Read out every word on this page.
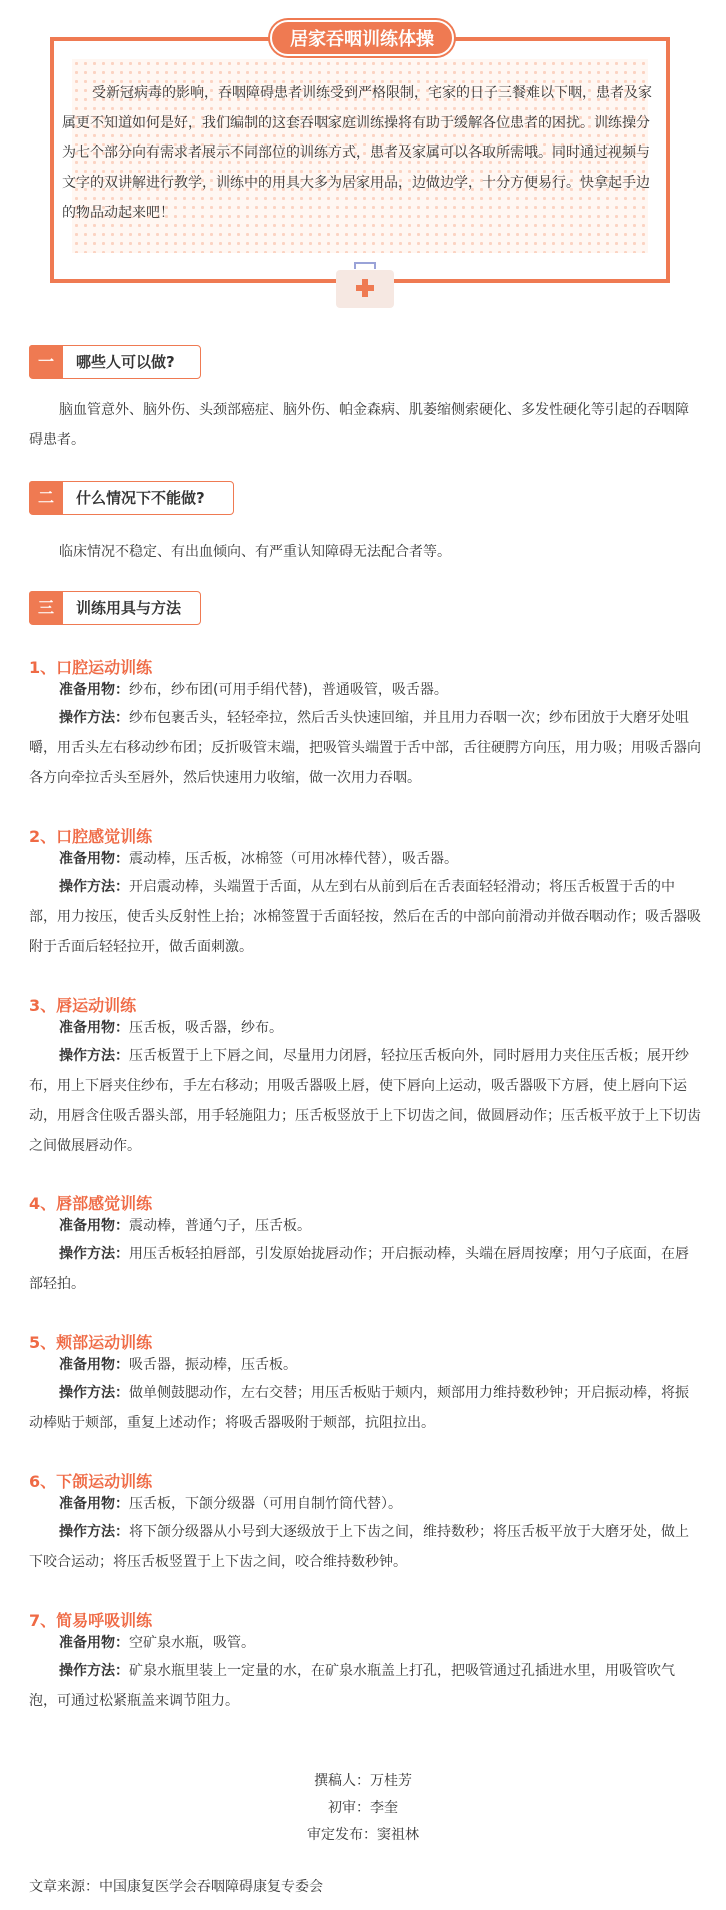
居家吞咽训练体操
受新冠病毒的影响，吞咽障碍患者训练受到严格限制，宅家的日子三餐难以下咽，患者及家属更不知道如何是好，我们编制的这套吞咽家庭训练操将有助于缓解各位患者的困扰。训练操分为七个部分向有需求者展示不同部位的训练方式，患者及家属可以各取所需哦。同时通过视频与文字的双讲解进行教学，训练中的用具大多为居家用品，边做边学，十分方便易行。快拿起手边的物品动起来吧！
一	哪些人可以做?
脑血管意外、脑外伤、头颈部癌症、脑外伤、帕金森病、肌萎缩侧索硬化、多发性硬化等引起的吞咽障碍患者。
二	什么情况下不能做?
临床情况不稳定、有出血倾向、有严重认知障碍无法配合者等。
三	训练用具与方法
1、口腔运动训练
准备用物：纱布，纱布团(可用手绢代替)，普通吸管，吸舌器。
操作方法：纱布包裹舌头，轻轻牵拉，然后舌头快速回缩，并且用力吞咽一次；纱布团放于大磨牙处咀嚼，用舌头左右移动纱布团；反折吸管末端，把吸管头端置于舌中部，舌往硬腭方向压，用力吸；用吸舌器向各方向牵拉舌头至唇外，然后快速用力收缩，做一次用力吞咽。
2、口腔感觉训练
准备用物：震动棒，压舌板，冰棉签（可用冰棒代替），吸舌器。
操作方法：开启震动棒，头端置于舌面，从左到右从前到后在舌表面轻轻滑动；将压舌板置于舌的中部，用力按压，使舌头反射性上抬；冰棉签置于舌面轻按，然后在舌的中部向前滑动并做吞咽动作；吸舌器吸附于舌面后轻轻拉开，做舌面刺激。
3、唇运动训练
准备用物：压舌板，吸舌器，纱布。
操作方法：压舌板置于上下唇之间，尽量用力闭唇，轻拉压舌板向外，同时唇用力夹住压舌板；展开纱布，用上下唇夹住纱布，手左右移动；用吸舌器吸上唇，使下唇向上运动，吸舌器吸下方唇，使上唇向下运动，用唇含住吸舌器头部，用手轻施阻力；压舌板竖放于上下切齿之间，做圆唇动作；压舌板平放于上下切齿之间做展唇动作。
4、唇部感觉训练
准备用物：震动棒，普通勺子，压舌板。
操作方法：用压舌板轻拍唇部，引发原始拢唇动作；开启振动棒，头端在唇周按摩；用勺子底面，在唇部轻拍。
5、颊部运动训练
准备用物：吸舌器，振动棒，压舌板。
操作方法：做单侧鼓腮动作，左右交替；用压舌板贴于颊内，颊部用力维持数秒钟；开启振动棒，将振动棒贴于颊部，重复上述动作；将吸舌器吸附于颊部，抗阻拉出。
6、下颌运动训练
准备用物：压舌板，下颌分级器（可用自制竹筒代替）。
操作方法：将下颌分级器从小号到大逐级放于上下齿之间，维持数秒；将压舌板平放于大磨牙处，做上下咬合运动；将压舌板竖置于上下齿之间，咬合维持数秒钟。
7、简易呼吸训练
准备用物：空矿泉水瓶，吸管。
操作方法：矿泉水瓶里装上一定量的水，在矿泉水瓶盖上打孔，把吸管通过孔插进水里，用吸管吹气泡，可通过松紧瓶盖来调节阻力。
撰稿人：万桂芳
初审：李奎
审定发布：窦祖林
文章来源：中国康复医学会吞咽障碍康复专委会
